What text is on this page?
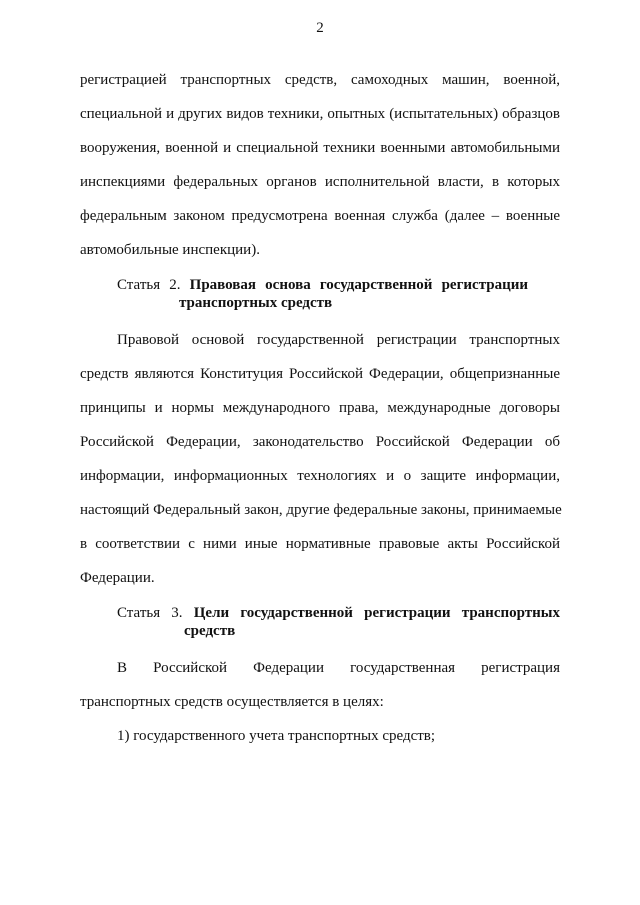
2
регистрацией транспортных средств, самоходных машин, военной,
специальной и других видов техники, опытных (испытательных) образцов
вооружения, военной и специальной техники военными автомобильными
инспекциями федеральных органов исполнительной власти, в которых
федеральным законом предусмотрена военная служба (далее – военные
автомобильные инспекции).
Статья 2. Правовая основа государственной регистрации
транспортных средств
Правовой основой государственной регистрации транспортных
средств являются Конституция Российской Федерации, общепризнанные
принципы и нормы международного права, международные договоры
Российской Федерации, законодательство Российской Федерации об
информации, информационных технологиях и о защите информации,
настоящий Федеральный закон, другие федеральные законы, принимаемые
в соответствии с ними иные нормативные правовые акты Российской
Федерации.
Статья 3. Цели государственной регистрации транспортных
средств
В Российской Федерации государственная регистрация
транспортных средств осуществляется в целях:
1) государственного учета транспортных средств;
